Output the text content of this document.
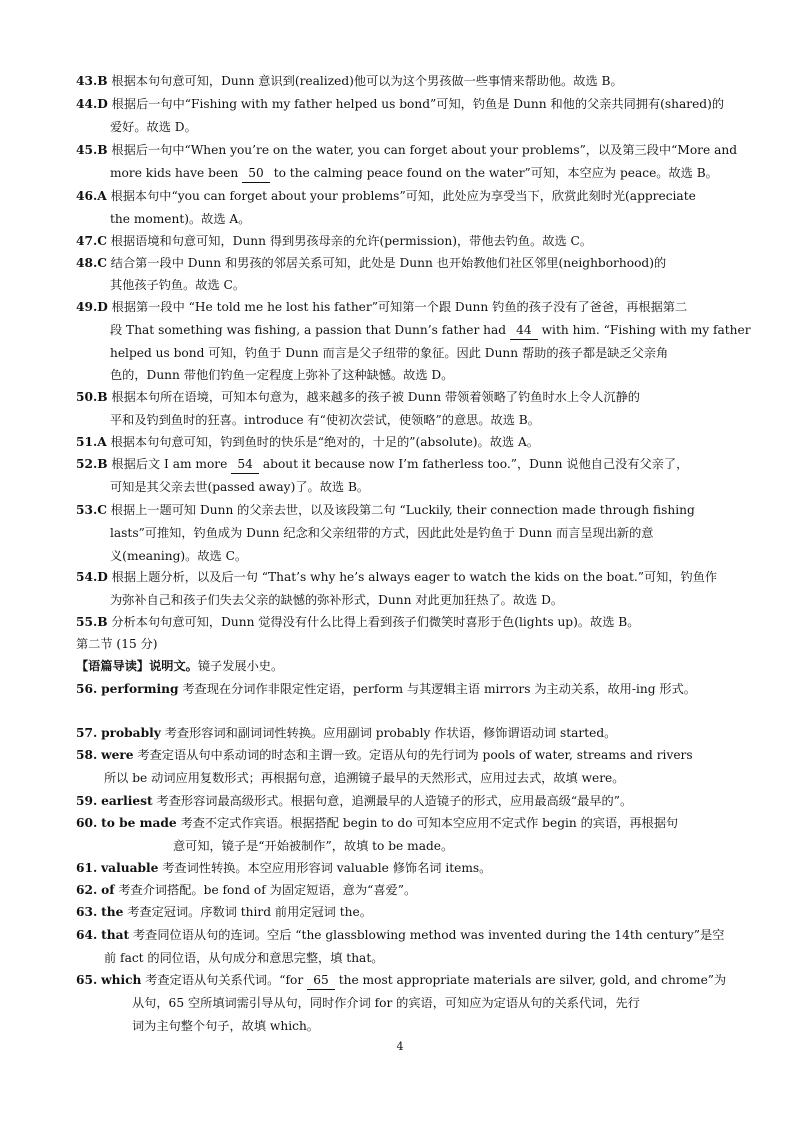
43.B 根据本句句意可知，Dunn 意识到(realized)他可以为这个男孩做一些事情来帮助他。故选 B。
44.D 根据后一句中“Fishing with my father helped us bond”可知，钓鱼是 Dunn 和他的父亲共同拥有(shared)的
爱好。故选 D。
45.B 根据后一句中“When you’re on the water, you can forget about your problems”，以及第三段中“More and
more kids have been 50 to the calming peace found on the water”可知，本空应为 peace。故选 B。
46.A 根据本句中“you can forget about your problems”可知，此处应为享受当下，欣赏此刻时光(appreciate
the moment)。故选 A。
47.C 根据语境和句意可知，Dunn 得到男孩母亲的允许(permission)，带他去钓鱼。故选 C。
48.C 结合第一段中 Dunn 和男孩的邻居关系可知，此处是 Dunn 也开始教他们社区邻里(neighborhood)的
其他孩子钓鱼。故选 C。
49.D 根据第一段中 “He told me he lost his father”可知第一个跟 Dunn 钓鱼的孩子没有了爸爸，再根据第二
段 That something was fishing, a passion that Dunn’s father had 44 with him. “Fishing with my father
helped us bond 可知，钓鱼于 Dunn 而言是父子纽带的象征。因此 Dunn 帮助的孩子都是缺乏父亲角
色的，Dunn 带他们钓鱼一定程度上弥补了这种缺憾。故选 D。
50.B 根据本句所在语境，可知本句意为，越来越多的孩子被 Dunn 带领着领略了钓鱼时水上令人沉静的
平和及钓到鱼时的狂喜。introduce 有“使初次尝试，使领略”的意思。故选 B。
51.A 根据本句句意可知，钓到鱼时的快乐是“绝对的，十足的”(absolute)。故选 A。
52.B 根据后文 I am more 54 about it because now I’m fatherless too.”，Dunn 说他自己没有父亲了，
可知是其父亲去世(passed away)了。故选 B。
53.C 根据上一题可知 Dunn 的父亲去世，以及该段第二句 “Luckily, their connection made through fishing
lasts”可推知，钓鱼成为 Dunn 纪念和父亲纽带的方式，因此此处是钓鱼于 Dunn 而言呈现出新的意
义(meaning)。故选 C。
54.D 根据上题分析，以及后一句 “That’s why he’s always eager to watch the kids on the boat.”可知，钓鱼作
为弥补自己和孩子们失去父亲的缺憾的弥补形式，Dunn 对此更加狂热了。故选 D。
55.B 分析本句句意可知，Dunn 觉得没有什么比得上看到孩子们微笑时喜形于色(lights up)。故选 B。
第二节 (15 分)
【语篇导读】说明文。镜子发展小史。
56. performing 考查现在分词作非限定性定语，perform 与其逻辑主语 mirrors 为主动关系，故用-ing 形式。
57. probably 考查形容词和副词词性转换。应用副词 probably 作状语，修饰谓语动词 started。
58. were 考查定语从句中系动词的时态和主谓一致。定语从句的先行词为 pools of water, streams and rivers
所以 be 动词应用复数形式；再根据句意，追溯镜子最早的天然形式，应用过去式，故填 were。
59. earliest 考查形容词最高级形式。根据句意，追溯最早的人造镜子的形式，应用最高级“最早的”。
60. to be made 考查不定式作宾语。根据搭配 begin to do 可知本空应用不定式作 begin 的宾语，再根据句
意可知，镜子是“开始被制作”，故填 to be made。
61. valuable 考查词性转换。本空应用形容词 valuable 修饰名词 items。
62. of 考查介词搭配。be fond of 为固定短语，意为“喜爱”。
63. the 考查定冠词。序数词 third 前用定冠词 the。
64. that 考查同位语从句的连词。空后 “the glassblowing method was invented during the 14th century”是空
前 fact 的同位语，从句成分和意思完整，填 that。
65. which 考查定语从句关系代词。“for 65 the most appropriate materials are silver, gold, and chrome”为
从句，65 空所填词需引导从句，同时作介词 for 的宾语，可知应为定语从句的关系代词，先行
词为主句整个句子，故填 which。
4
